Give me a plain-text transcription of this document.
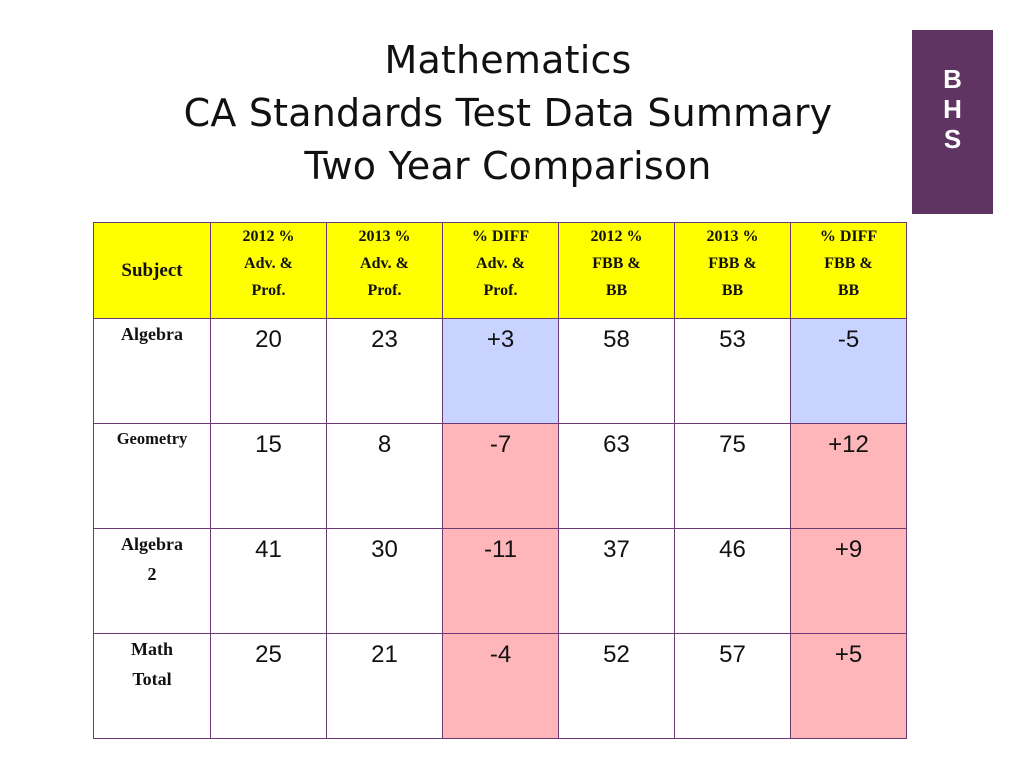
Mathematics
CA Standards Test Data Summary
Two Year Comparison
B
H
S
Subject	2012 %
Adv. &
Prof.	2013 %
Adv. &
Prof.	% DIFF
Adv. &
Prof.	2012 %
FBB &
BB	2013 %
FBB &
BB	% DIFF
FBB &
BB
Algebra	20	23	+3	58	53	-5
Geometry	15	8	-7	63	75	+12
Algebra
2	41	30	-11	37	46	+9
Math
Total	25	21	-4	52	57	+5
